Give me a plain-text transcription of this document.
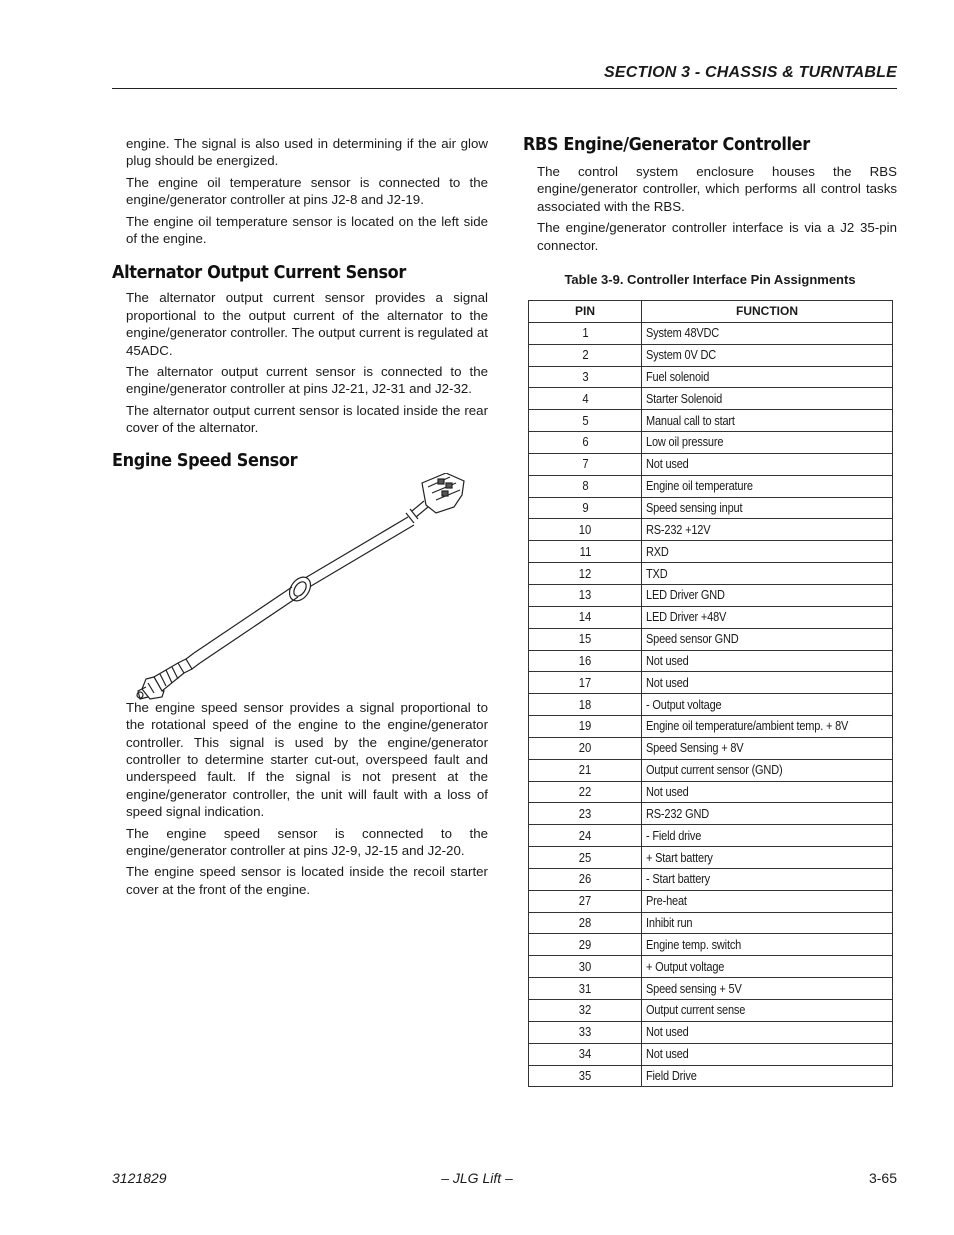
SECTION 3 - CHASSIS & TURNTABLE

engine. The signal is also used in determining if the air glow plug should be energized.

The engine oil temperature sensor is connected to the engine/generator controller at pins J2-8 and J2-19.

The engine oil temperature sensor is located on the left side of the engine.

Alternator Output Current Sensor

The alternator output current sensor provides a signal proportional to the output current of the alternator to the engine/generator controller. The output current is regulated at 45ADC.

The alternator output current sensor is connected to the engine/generator controller at pins J2-21, J2-31 and J2-32.

The alternator output current sensor is located inside the rear cover of the alternator.

Engine Speed Sensor

The engine speed sensor provides a signal proportional to the rotational speed of the engine to the engine/generator controller. This signal is used by the engine/generator controller to determine starter cut-out, overspeed fault and underspeed fault. If the signal is not present at the engine/generator controller, the unit will fault with a loss of speed signal indication.

The engine speed sensor is connected to the engine/generator controller at pins J2-9, J2-15 and J2-20.

The engine speed sensor is located inside the recoil starter cover at the front of the engine.

RBS Engine/Generator Controller

The control system enclosure houses the RBS engine/generator controller, which performs all control tasks associated with the RBS.

The engine/generator controller interface is via a J2 35-pin connector.

Table 3-9. Controller Interface Pin Assignments

PIN	FUNCTION
1	System 48VDC
2	System 0V DC
3	Fuel solenoid
4	Starter Solenoid
5	Manual call to start
6	Low oil pressure
7	Not used
8	Engine oil temperature
9	Speed sensing input
10	RS-232 +12V
11	RXD
12	TXD
13	LED Driver GND
14	LED Driver +48V
15	Speed sensor GND
16	Not used
17	Not used
18	- Output voltage
19	Engine oil temperature/ambient temp. + 8V
20	Speed Sensing + 8V
21	Output current sensor (GND)
22	Not used
23	RS-232 GND
24	- Field drive
25	+ Start battery
26	- Start battery
27	Pre-heat
28	Inhibit run
29	Engine temp. switch
30	+ Output voltage
31	Speed sensing + 5V
32	Output current sense
33	Not used
34	Not used
35	Field Drive
3121829	– JLG Lift –	3-65
